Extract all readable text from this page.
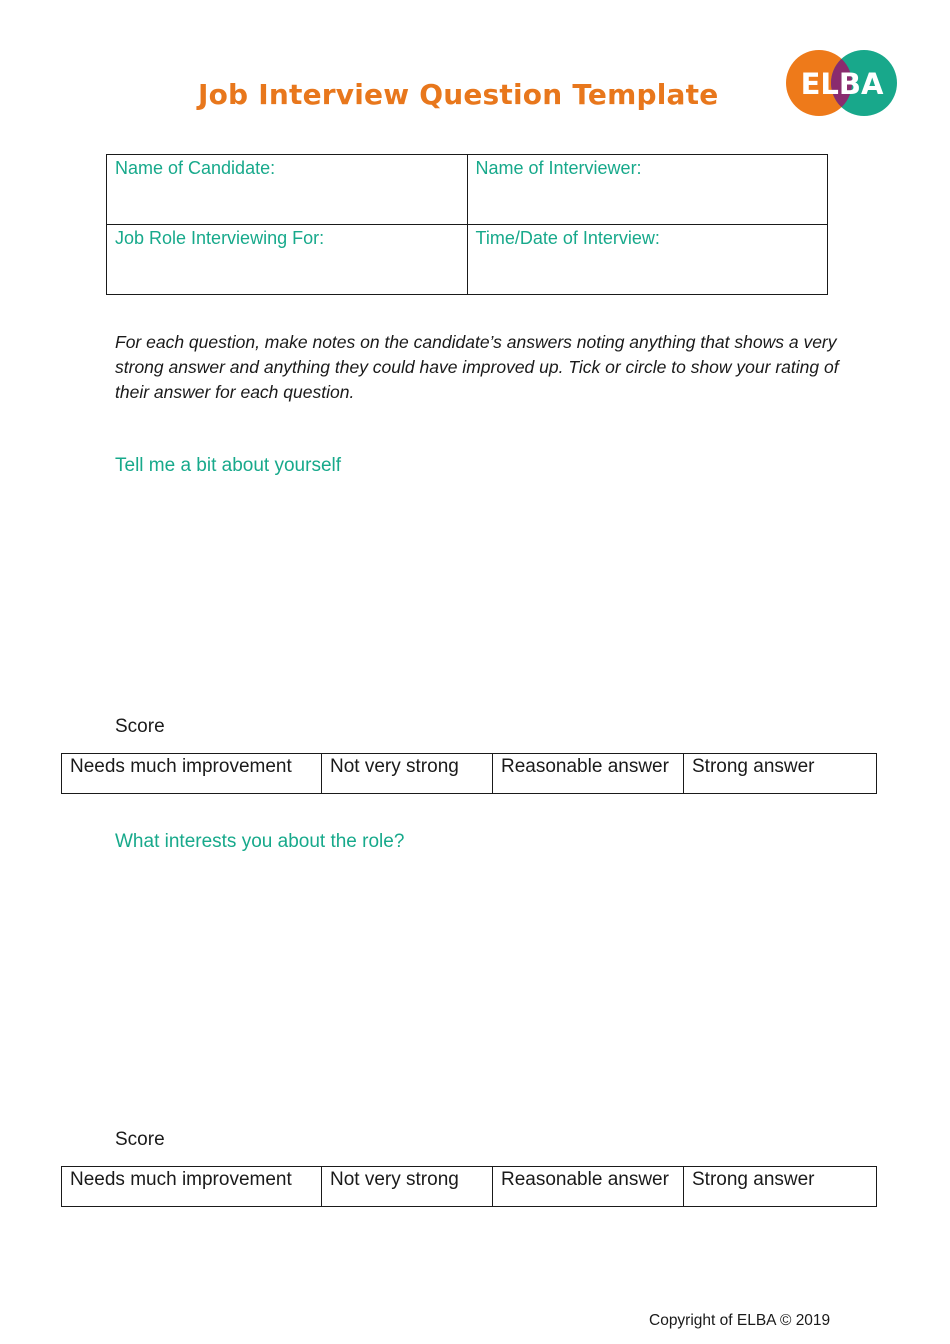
Job Interview Question Template	ELBA
Name of Candidate:	Name of Interviewer:
Job Role Interviewing For:	Time/Date of Interview:

For each question, make notes on the candidate’s answers noting anything that shows a very strong answer and anything they could have improved up. Tick or circle to show your rating of their answer for each question.

Tell me a bit about yourself

Score

Needs much improvement	Not very strong	Reasonable answer	Strong answer

What interests you about the role?

Score

Needs much improvement	Not very strong	Reasonable answer	Strong answer

Copyright of ELBA © 2019
